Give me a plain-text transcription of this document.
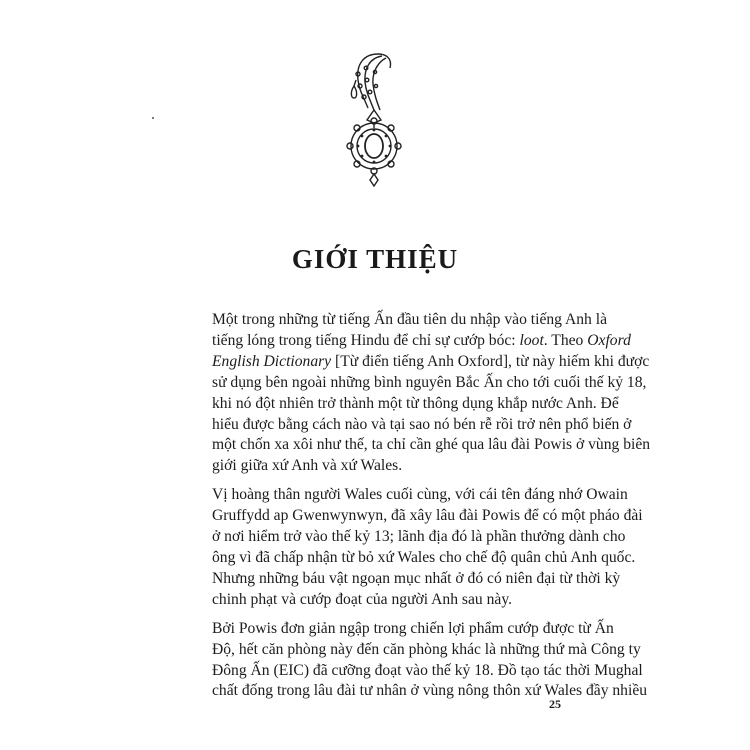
GIỚI THIỆU

Một trong những từ tiếng Ấn đầu tiên du nhập vào tiếng Anh là
tiếng lóng trong tiếng Hindu để chỉ sự cướp bóc: loot. Theo Oxford
English Dictionary [Từ điển tiếng Anh Oxford], từ này hiếm khi được
sử dụng bên ngoài những bình nguyên Bắc Ấn cho tới cuối thế kỷ 18,
khi nó đột nhiên trở thành một từ thông dụng khắp nước Anh. Để
hiểu được bằng cách nào và tại sao nó bén rễ rồi trở nên phổ biến ở
một chốn xa xôi như thế, ta chỉ cần ghé qua lâu đài Powis ở vùng biên
giới giữa xứ Anh và xứ Wales.

Vị hoàng thân người Wales cuối cùng, với cái tên đáng nhớ Owain
Gruffydd ap Gwenwynwyn, đã xây lâu đài Powis để có một pháo đài
ở nơi hiểm trở vào thế kỷ 13; lãnh địa đó là phần thưởng dành cho
ông vì đã chấp nhận từ bỏ xứ Wales cho chế độ quân chủ Anh quốc.
Nhưng những báu vật ngoạn mục nhất ở đó có niên đại từ thời kỳ
chinh phạt và cướp đoạt của người Anh sau này.

Bởi Powis đơn giản ngập trong chiến lợi phẩm cướp được từ Ấn
Độ, hết căn phòng này đến căn phòng khác là những thứ mà Công ty
Đông Ấn (EIC) đã cưỡng đoạt vào thế kỷ 18. Đồ tạo tác thời Mughal
chất đống trong lâu đài tư nhân ở vùng nông thôn xứ Wales đầy nhiều

25
